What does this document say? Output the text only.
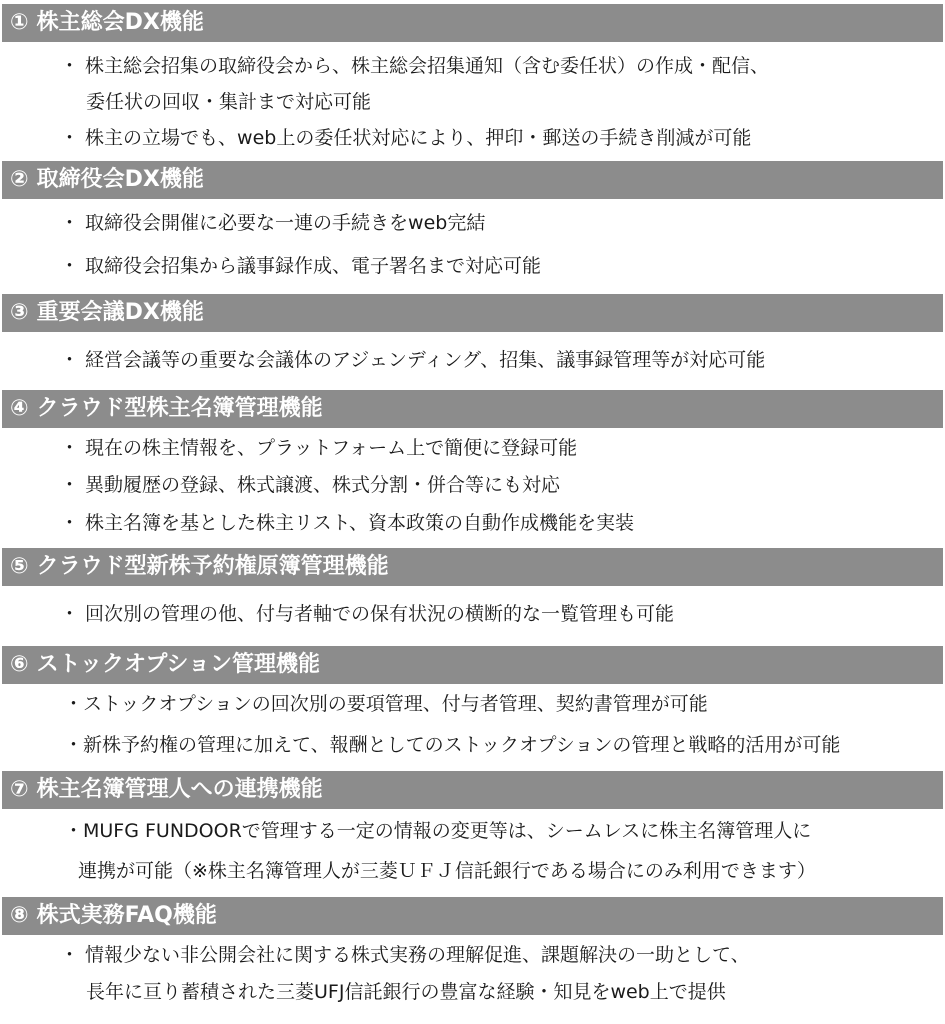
① 株主総会DX機能
・ 株主総会招集の取締役会から、株主総会招集通知（含む委任状）の作成・配信、
委任状の回収・集計まで対応可能
・ 株主の立場でも、web上の委任状対応により、押印・郵送の手続き削減が可能
② 取締役会DX機能
・ 取締役会開催に必要な一連の手続きをweb完結
・ 取締役会招集から議事録作成、電子署名まで対応可能
③ 重要会議DX機能
・ 経営会議等の重要な会議体のアジェンディング、招集、議事録管理等が対応可能
④ クラウド型株主名簿管理機能
・ 現在の株主情報を、プラットフォーム上で簡便に登録可能
・ 異動履歴の登録、株式譲渡、株式分割・併合等にも対応
・ 株主名簿を基とした株主リスト、資本政策の自動作成機能を実装
⑤ クラウド型新株予約権原簿管理機能
・ 回次別の管理の他、付与者軸での保有状況の横断的な一覧管理も可能
⑥ ストックオプション管理機能
・ストックオプションの回次別の要項管理、付与者管理、契約書管理が可能
・新株予約権の管理に加えて、報酬としてのストックオプションの管理と戦略的活用が可能
⑦ 株主名簿管理人への連携機能
・MUFG FUNDOORで管理する一定の情報の変更等は、シームレスに株主名簿管理人に
連携が可能（※株主名簿管理人が三菱ＵＦＪ信託銀行である場合にのみ利用できます）
⑧ 株式実務FAQ機能
・ 情報少ない非公開会社に関する株式実務の理解促進、課題解決の一助として、
長年に亘り蓄積された三菱UFJ信託銀行の豊富な経験・知見をweb上で提供
